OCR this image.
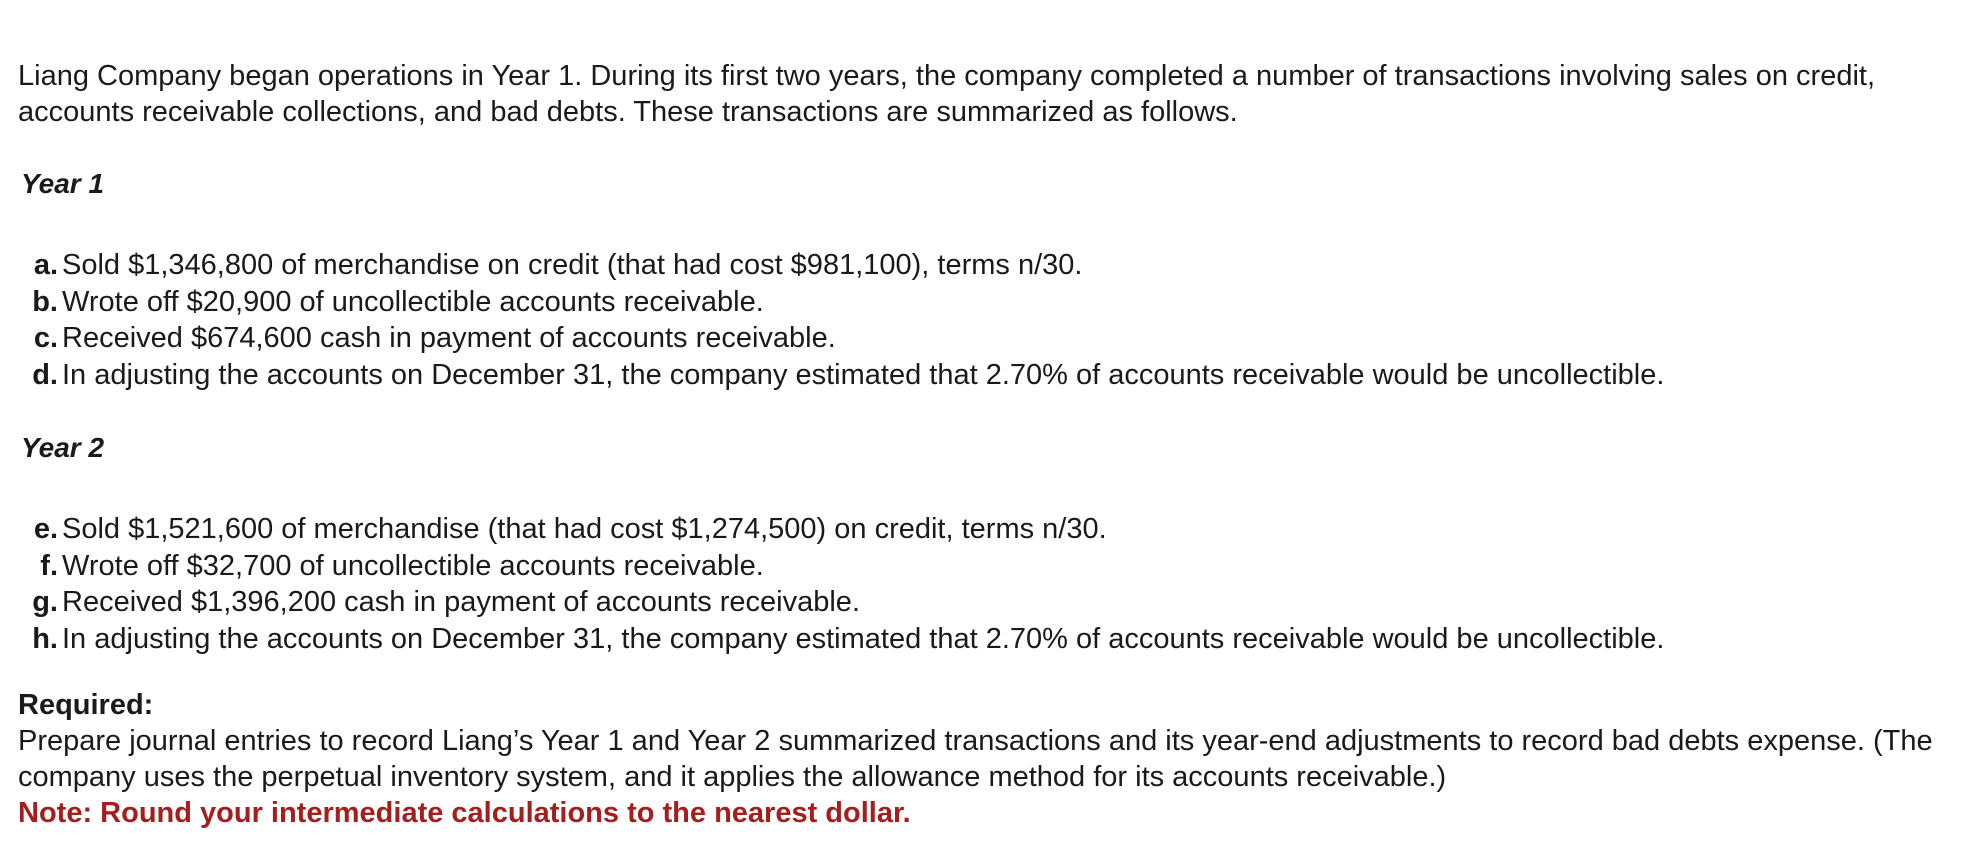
Liang Company began operations in Year 1. During its first two years, the company completed a number of transactions involving sales on credit, accounts receivable collections, and bad debts. These transactions are summarized as follows.

Year 1
a. Sold $1,346,800 of merchandise on credit (that had cost $981,100), terms n/30.
b. Wrote off $20,900 of uncollectible accounts receivable.
c. Received $674,600 cash in payment of accounts receivable.
d. In adjusting the accounts on December 31, the company estimated that 2.70% of accounts receivable would be uncollectible.
Year 2
e. Sold $1,521,600 of merchandise (that had cost $1,274,500) on credit, terms n/30.
f. Wrote off $32,700 of uncollectible accounts receivable.
g. Received $1,396,200 cash in payment of accounts receivable.
h. In adjusting the accounts on December 31, the company estimated that 2.70% of accounts receivable would be uncollectible.

Required:

Prepare journal entries to record Liang’s Year 1 and Year 2 summarized transactions and its year-end adjustments to record bad debts expense. (The company uses the perpetual inventory system, and it applies the allowance method for its accounts receivable.)

Note: Round your intermediate calculations to the nearest dollar.
